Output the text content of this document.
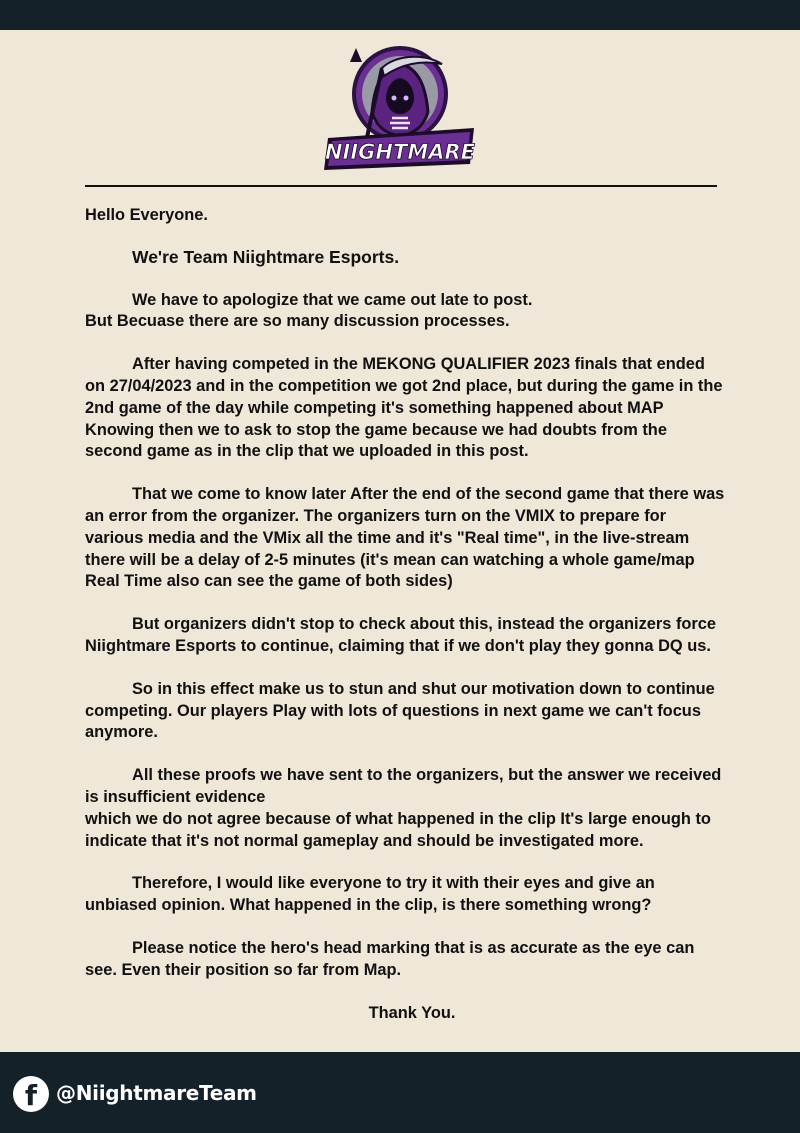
NIIGHTMARE

Hello Everyone.

We're Team Niightmare Esports.

We have to apologize that we came out late to post.

But Becuase there are so many discussion processes.

After having competed in the MEKONG QUALIFIER 2023 finals that ended on 27/04/2023 and in the competition we got 2nd place, but during the game in the 2nd game of the day while competing it's something happened about MAP Knowing then we to ask to stop the game because we had doubts from the second game as in the clip that we uploaded in this post.

That we come to know later After the end of the second game that there was an error from the organizer. The organizers turn on the VMIX to prepare for various media and the VMix all the time and it's "Real time", in the live-stream there will be a delay of 2-5 minutes (it's mean can watching a whole game/map Real Time also can see the game of both sides)

But organizers didn't stop to check about this, instead the organizers force Niightmare Esports to continue, claiming that if we don't play they gonna DQ us.

So in this effect make us to stun and shut our motivation down to continue competing. Our players Play with lots of questions in next game we can't focus anymore.

All these proofs we have sent to the organizers, but the answer we received is insufficient evidence

which we do not agree because of what happened in the clip It's large enough to indicate that it's not normal gameplay and should be investigated more.

Therefore, I would like everyone to try it with their eyes and give an unbiased opinion. What happened in the clip, is there something wrong?

Please notice the hero's head marking that is as accurate as the eye can see. Even their position so far from Map.

Thank You.

f @NiightmareTeam
